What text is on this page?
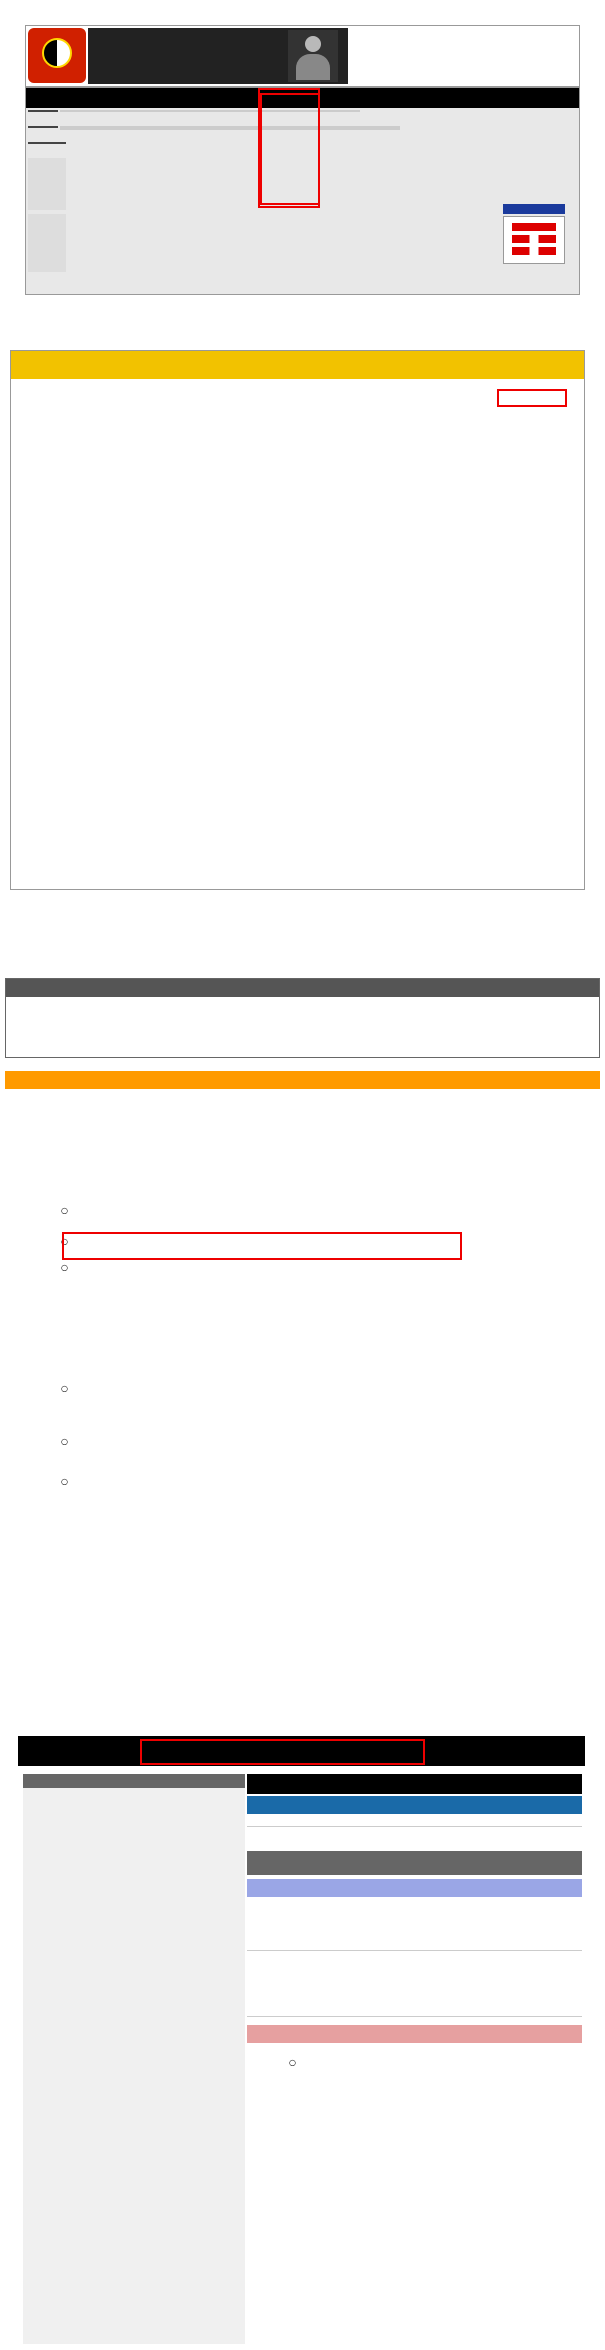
○
